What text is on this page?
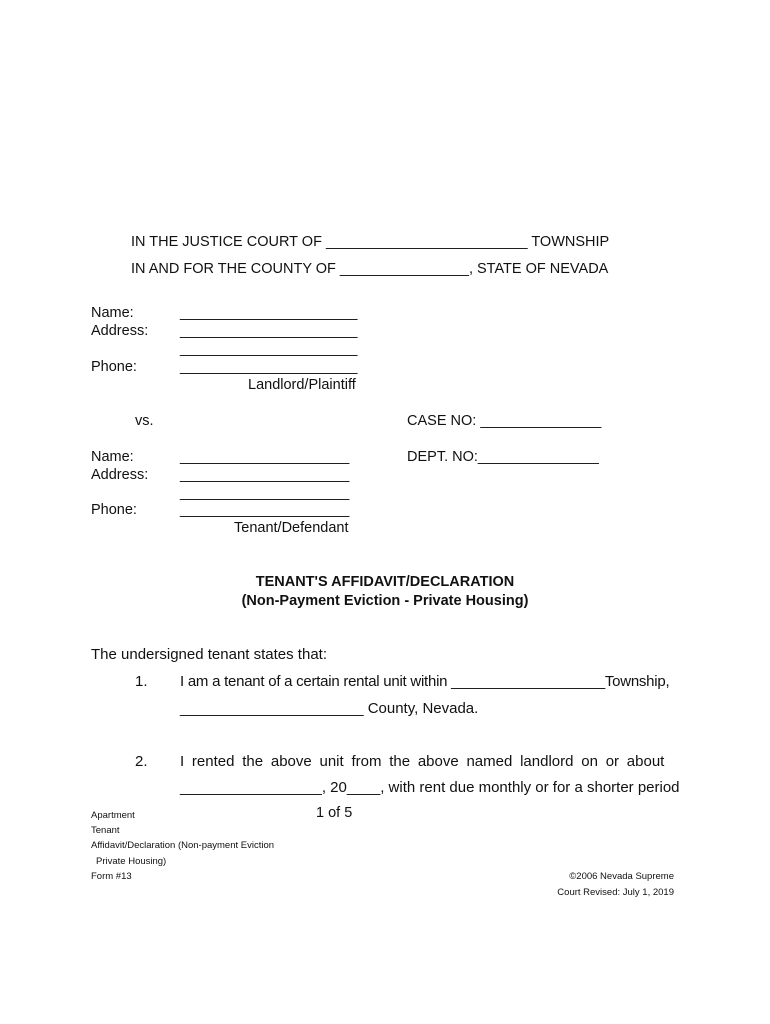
IN THE JUSTICE COURT OF _________________________ TOWNSHIP
IN AND FOR THE COUNTY OF ________________, STATE OF NEVADA
Name:
Address:
Phone:
______________________
______________________
______________________
______________________
Landlord/Plaintiff
vs.	CASE NO: _______________
DEPT. NO:_______________
Name:
Address:
Phone:
_____________________
_____________________
_____________________
_____________________
Tenant/Defendant
TENANT'S AFFIDAVIT/DECLARATION
(Non-Payment Eviction - Private Housing)
The undersigned tenant states that:
1. I am a tenant of a certain rental unit within ___________________Township,
______________________ County, Nevada.
2. I rented the above unit from the above named landlord on or about
_________________, 20____, with rent due monthly or for a shorter period
1 of 5
Apartment
Tenant
Affidavit/Declaration (Non-payment Eviction
Private Housing)
Form #13	©2006 Nevada Supreme
Court Revised: July 1, 2019
